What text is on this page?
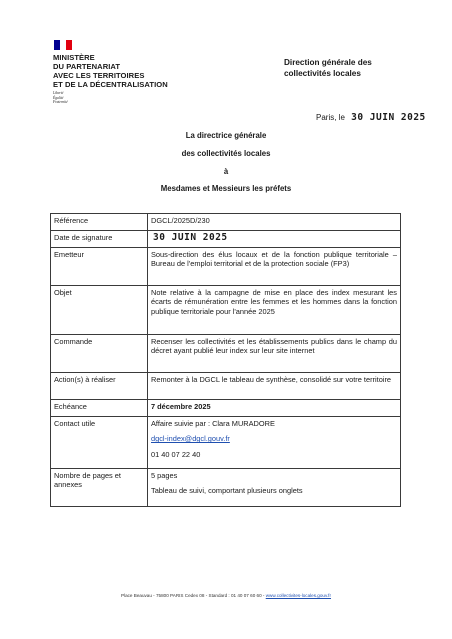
MINISTÈRE
DU PARTENARIAT
AVEC LES TERRITOIRES
ET DE LA DÉCENTRALISATION
Liberté
Égalité
Fraternité
Direction générale des
collectivités locales
Paris, le 30 JUIN 2025
La directrice générale
des collectivités locales
à
Mesdames et Messieurs les préfets
Référence	DGCL/2025D/230
Date de signature	30 JUIN 2025
Emetteur	Sous-direction des élus locaux et de la fonction publique territoriale – Bureau de l'emploi territorial et de la protection sociale (FP3)
Objet	Note relative à la campagne de mise en place des index mesurant les écarts de rémunération entre les femmes et les hommes dans la fonction publique territoriale pour l'année 2025
Commande	Recenser les collectivités et les établissements publics dans le champ du décret ayant publié leur index sur leur site internet
Action(s) à réaliser	Remonter à la DGCL le tableau de synthèse, consolidé sur votre territoire
Echéance	7 décembre 2025
Contact utile	Affaire suivie par : Clara MURADORE
dgcl-index@dgcl.gouv.fr
01 40 07 22 40

Nombre de pages et annexes	5 pages
Tableau de suivi, comportant plusieurs onglets
Place Beauvau - 75800 PARIS Cedex 08 - Standard : 01 40 07 60 60 - www.collectivites-locales.gouv.fr
